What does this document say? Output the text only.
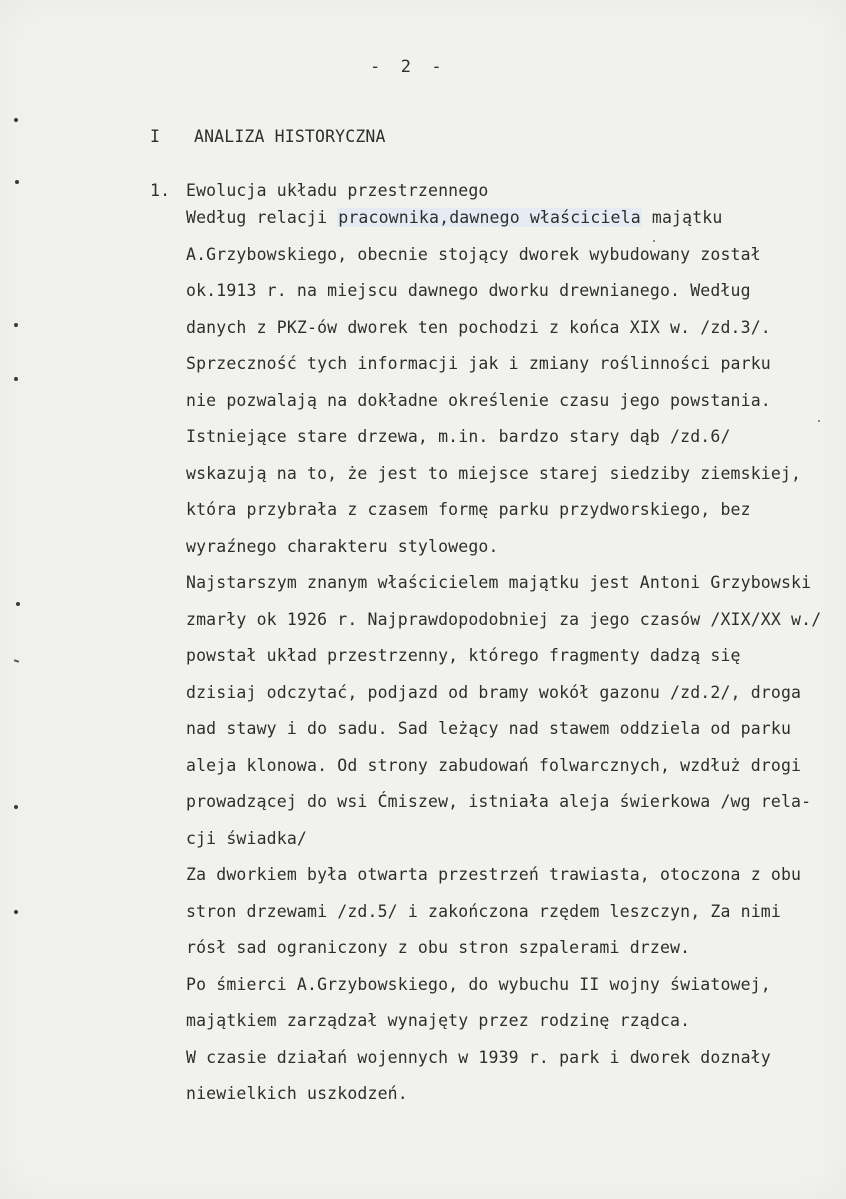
-  2  -
I ANALIZA HISTORYCZNA
1. Ewolucja układu przestrzennego
Według relacji pracownika,dawnego właściciela majątku
A.Grzybowskiego, obecnie stojący dworek wybudowany został
ok.1913 r. na miejscu dawnego dworku drewnianego. Według
danych z PKZ-ów dworek ten pochodzi z końca XIX w. /zd.3/.
Sprzeczność tych informacji jak i zmiany roślinności parku
nie pozwalają na dokładne określenie czasu jego powstania.
Istniejące stare drzewa, m.in. bardzo stary dąb /zd.6/
wskazują na to, że jest to miejsce starej siedziby ziemskiej,
która przybrała z czasem formę parku przydworskiego, bez
wyraźnego charakteru stylowego.
Najstarszym znanym właścicielem majątku jest Antoni Grzybowski
zmarły ok 1926 r. Najprawdopodobniej za jego czasów /XIX/XX w./
powstał układ przestrzenny, którego fragmenty dadzą się
dzisiaj odczytać, podjazd od bramy wokół gazonu /zd.2/, droga
nad stawy i do sadu. Sad leżący nad stawem oddziela od parku
aleja klonowa. Od strony zabudowań folwarcznych, wzdłuż drogi
prowadzącej do wsi Ćmiszew, istniała aleja świerkowa /wg rela-
cji świadka/
Za dworkiem była otwarta przestrzeń trawiasta, otoczona z obu
stron drzewami /zd.5/ i zakończona rzędem leszczyn, Za nimi
rósł sad ograniczony z obu stron szpalerami drzew.
Po śmierci A.Grzybowskiego, do wybuchu II wojny światowej,
majątkiem zarządzał wynajęty przez rodzinę rządca.
W czasie działań wojennych w 1939 r. park i dworek doznały
niewielkich uszkodzeń.
